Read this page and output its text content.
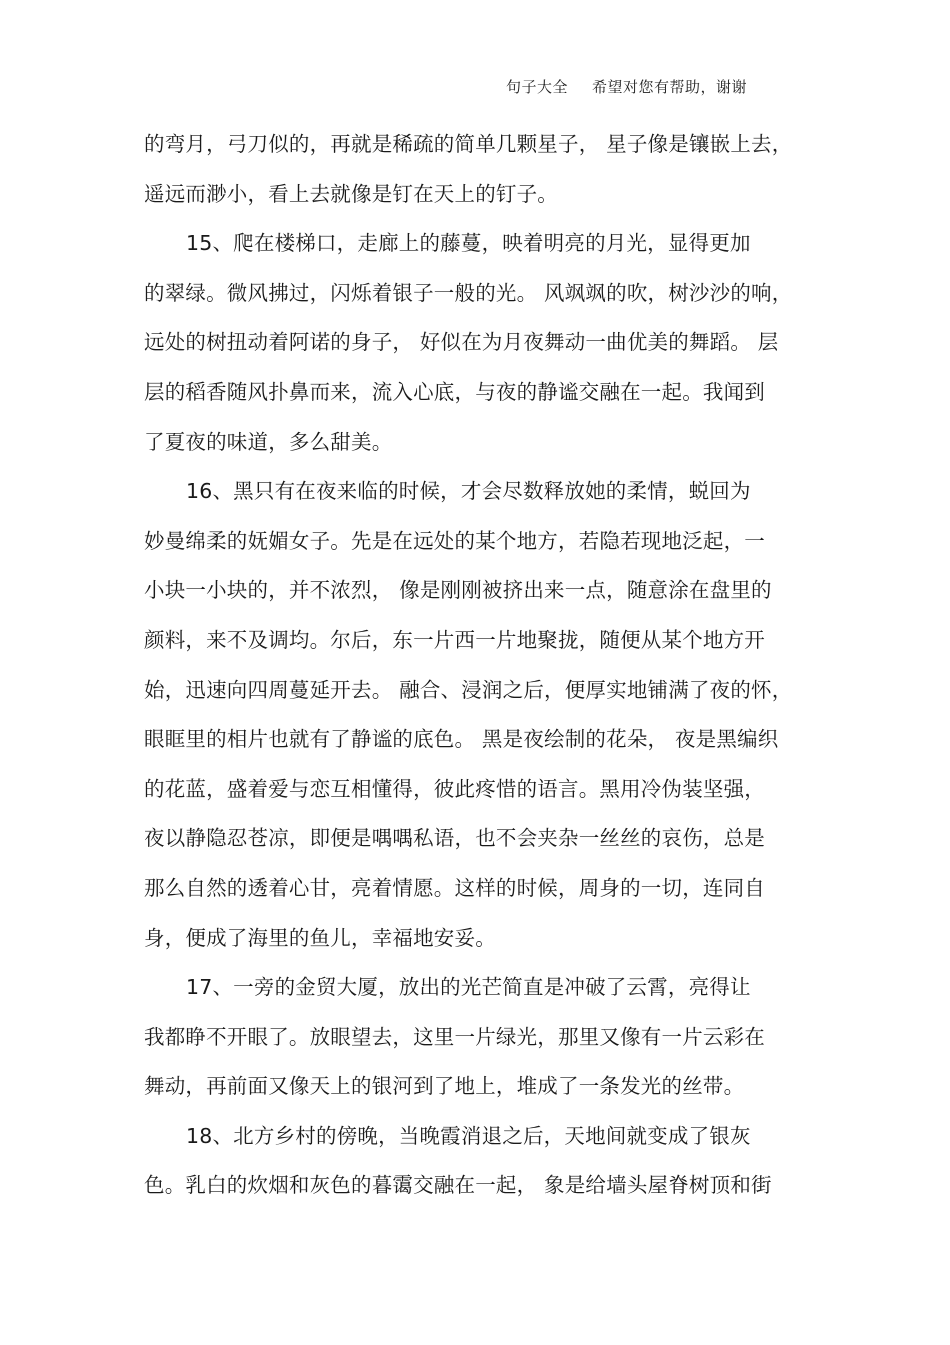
句子大全 希望对您有帮助，谢谢
的弯月，弓刀似的，再就是稀疏的简单几颗星子， 星子像是镶嵌上去，
遥远而渺小，看上去就像是钉在天上的钉子。
15、爬在楼梯口，走廊上的藤蔓，映着明亮的月光，显得更加
的翠绿。微风拂过，闪烁着银子一般的光。 风飒飒的吹，树沙沙的响，
远处的树扭动着阿诺的身子， 好似在为月夜舞动一曲优美的舞蹈。 层
层的稻香随风扑鼻而来，流入心底，与夜的静谧交融在一起。我闻到
了夏夜的味道，多么甜美。
16、黑只有在夜来临的时候，才会尽数释放她的柔情，蜕回为
妙曼绵柔的妩媚女子。先是在远处的某个地方，若隐若现地泛起，一
小块一小块的，并不浓烈， 像是刚刚被挤出来一点，随意涂在盘里的
颜料，来不及调均。尔后，东一片西一片地聚拢，随便从某个地方开
始，迅速向四周蔓延开去。 融合、浸润之后，便厚实地铺满了夜的怀，
眼眶里的相片也就有了静谧的底色。 黑是夜绘制的花朵， 夜是黑编织
的花蓝，盛着爱与恋互相懂得，彼此疼惜的语言。黑用冷伪装坚强，
夜以静隐忍苍凉，即便是喁喁私语，也不会夹杂一丝丝的哀伤，总是
那么自然的透着心甘，亮着情愿。这样的时候，周身的一切，连同自
身，便成了海里的鱼儿，幸福地安妥。
17、一旁的金贸大厦，放出的光芒简直是冲破了云霄，亮得让
我都睁不开眼了。放眼望去，这里一片绿光，那里又像有一片云彩在
舞动，再前面又像天上的银河到了地上，堆成了一条发光的丝带。
18、北方乡村的傍晚，当晚霞消退之后，天地间就变成了银灰
色。乳白的炊烟和灰色的暮霭交融在一起， 象是给墙头屋脊树顶和街
